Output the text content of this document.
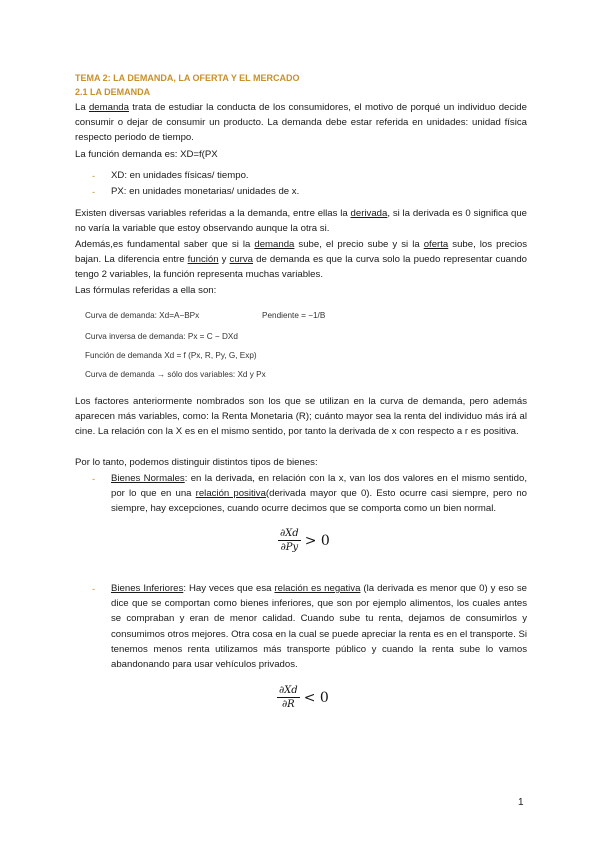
TEMA 2: LA DEMANDA, LA OFERTA Y EL MERCADO
2.1 LA DEMANDA
La demanda trata de estudiar la conducta de los consumidores, el motivo de porqué un individuo decide consumir o dejar de consumir un producto. La demanda debe estar referida en unidades: unidad física respecto periodo de tiempo.
La función demanda es: XD=f(PX
- XD: en unidades físicas/ tiempo.
- PX: en unidades monetarias/ unidades de x.
Existen diversas variables referidas a la demanda, entre ellas la derivada, si la derivada es 0 significa que no varía la variable que estoy observando aunque la otra si.
Además,es fundamental saber que si la demanda sube, el precio sube y si la oferta sube, los precios bajan. La diferencia entre función y curva de demanda es que la curva solo la puedo representar cuando tengo 2 variables, la función representa muchas variables.
Las fórmulas referidas a ella son:
Curva de demanda: Xd=A−BPx	Pendiente = −1/B
Curva inversa de demanda: Px = C − DXd
Función de demanda Xd = f (Px, R, Py, G, Exp)
Curva de demanda → sólo dos variables: Xd y Px
Los factores anteriormente nombrados son los que se utilizan en la curva de demanda, pero además aparecen más variables, como: la Renta Monetaria (R); cuánto mayor sea la renta del individuo más irá al cine. La relación con la X es en el mismo sentido, por tanto la derivada de x con respecto a r es positiva.
Por lo tanto, podemos distinguir distintos tipos de bienes:
- Bienes Normales: en la derivada, en relación con la x, van los dos valores en el mismo sentido, por lo que en una relación positiva(derivada mayor que 0). Esto ocurre casi siempre, pero no siempre, hay excepciones, cuando ocurre decimos que se comporta como un bien normal.
$\frac{\partial Xd}{\partial Py} > 0$
- Bienes Inferiores: Hay veces que esa relación es negativa (la derivada es menor que 0) y eso se dice que se comportan como bienes inferiores, que son por ejemplo alimentos, los cuales antes se compraban y eran de menor calidad. Cuando sube tu renta, dejamos de consumirlos y consumimos otros mejores. Otra cosa en la cual se puede apreciar la renta es en el transporte. Si tenemos menos renta utilizamos más transporte público y cuando la renta sube lo vamos abandonando para usar vehículos privados.
$\frac{\partial Xd}{\partial R} < 0$
1
